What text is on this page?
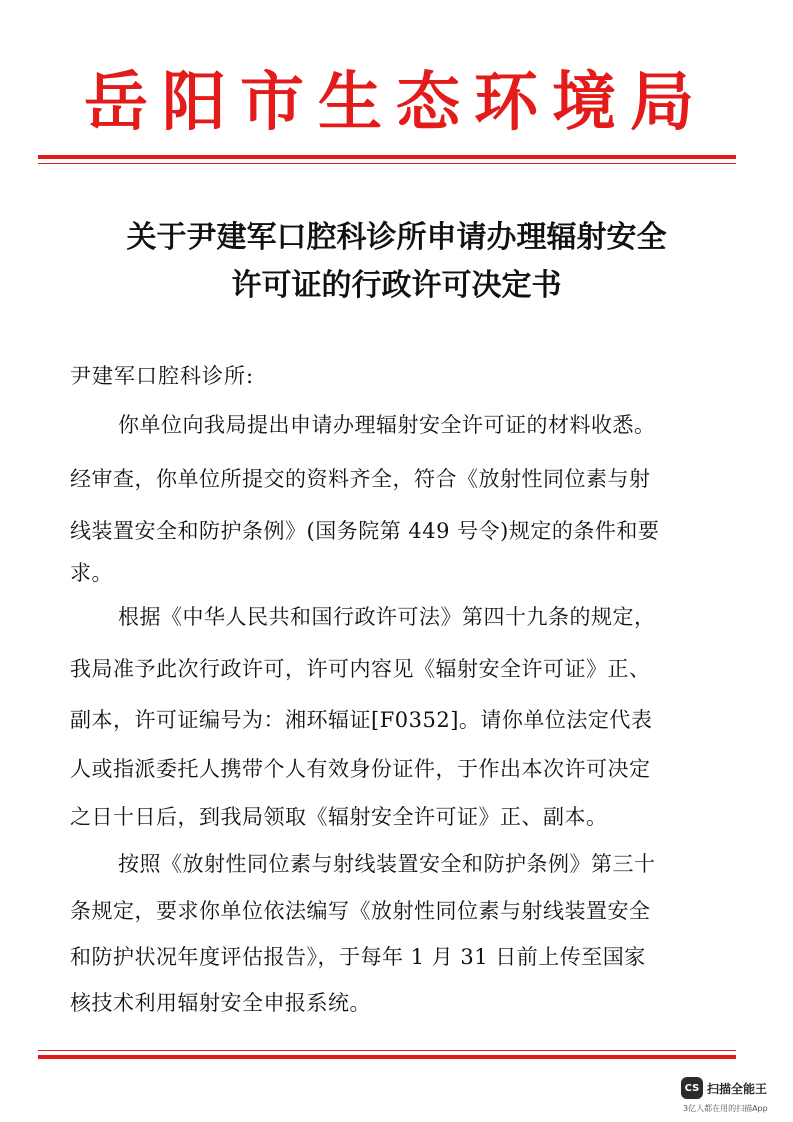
岳阳市生态环境局
关于尹建军口腔科诊所申请办理辐射安全
许可证的行政许可决定书
尹建军口腔科诊所:
你单位向我局提出申请办理辐射安全许可证的材料收悉。
经审查，你单位所提交的资料齐全，符合《放射性同位素与射
线装置安全和防护条例》(国务院第 449 号令)规定的条件和要
求。
根据《中华人民共和国行政许可法》第四十九条的规定，
我局准予此次行政许可，许可内容见《辐射安全许可证》正、
副本，许可证编号为：湘环辐证[F0352]。请你单位法定代表
人或指派委托人携带个人有效身份证件，于作出本次许可决定
之日十日后，到我局领取《辐射安全许可证》正、副本。
按照《放射性同位素与射线装置安全和防护条例》第三十
条规定，要求你单位依法编写《放射性同位素与射线装置安全
和防护状况年度评估报告》，于每年 1 月 31 日前上传至国家
核技术利用辐射安全申报系统。
CS 扫描全能王
3亿人都在用的扫描App
